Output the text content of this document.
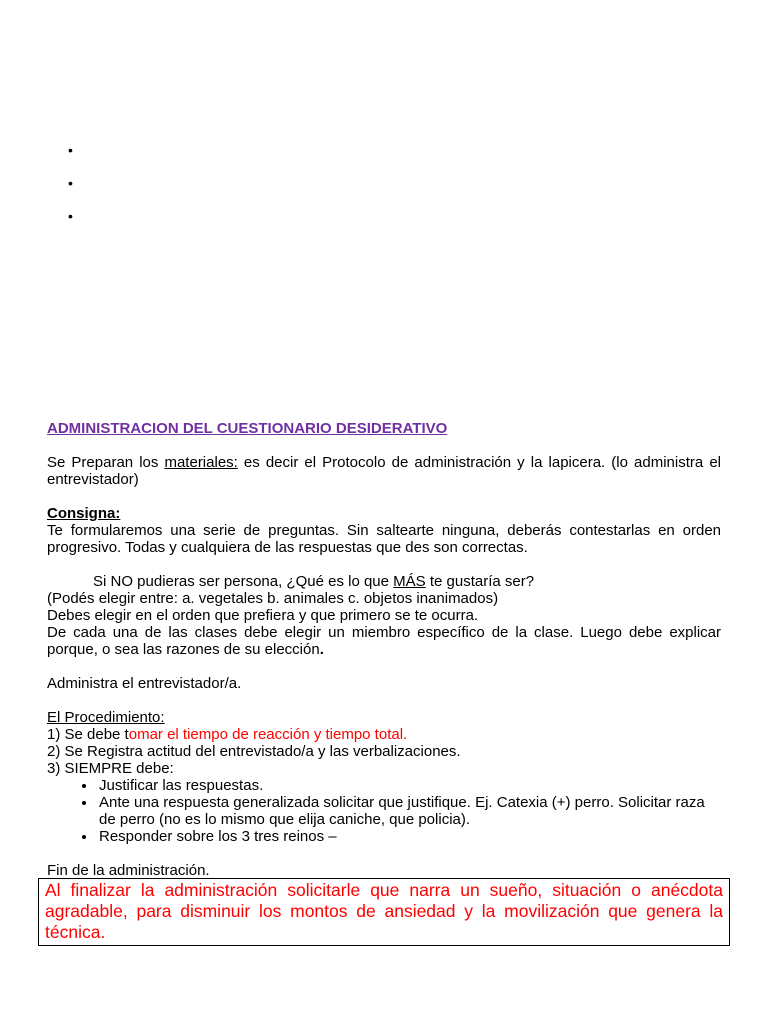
•
•
•
ADMINISTRACION DEL CUESTIONARIO DESIDERATIVO
Se Preparan los materiales: es decir el Protocolo de administración y la lapicera. (lo administra el entrevistador)
Consigna:
Te formularemos una serie de preguntas. Sin saltearte ninguna, deberás contestarlas en orden progresivo. Todas y cualquiera de las respuestas que des son correctas.
Si NO pudieras ser persona, ¿Qué es lo que MÁS te gustaría ser?
(Podés elegir entre: a. vegetales b. animales c. objetos inanimados)
Debes elegir en el orden que prefiera y que primero se te ocurra.
De cada una de las clases debe elegir un miembro específico de la clase. Luego debe explicar porque, o sea las razones de su elección.
Administra el entrevistador/a.
El Procedimiento:
1) Se debe tomar el tiempo de reacción y tiempo total.
2) Se Registra actitud del entrevistado/a y las verbalizaciones.
3) SIEMPRE debe:
• Justificar las respuestas.
• Ante una respuesta generalizada solicitar que justifique. Ej. Catexia (+) perro. Solicitar raza de perro (no es lo mismo que elija caniche, que policia).
• Responder sobre los 3 tres reinos –
Fin de la administración.
Al finalizar la administración solicitarle que narra un sueño, situación o anécdota agradable, para disminuir los montos de ansiedad y la movilización que genera la técnica.
